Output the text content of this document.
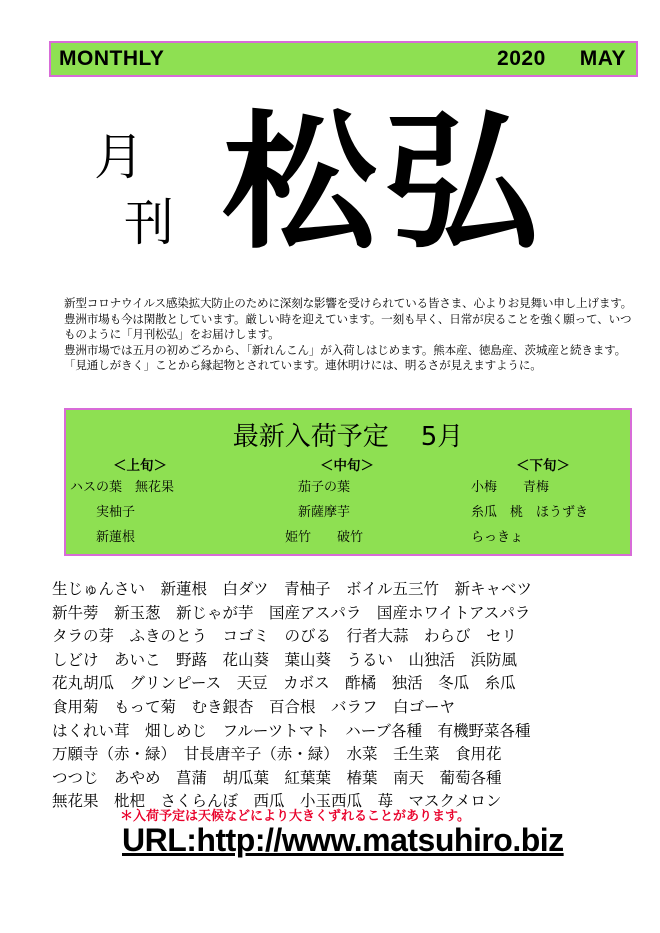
MONTHLY	2020 MAY
月
刊 松弘

新型コロナウイルス感染拡大防止のために深刻な影響を受けられている皆さま、心よりお見舞い申し上げます。豊洲市場も今は閑散としています。厳しい時を迎えています。一刻も早く、日常が戻ることを強く願って、いつものように「月刊松弘」をお届けします。

豊洲市場では五月の初めごろから、「新れんこん」が入荷しはじめます。熊本産、徳島産、茨城産と続きます。「見通しがきく」ことから縁起物とされています。連休明けには、明るさが見えますように。

最新入荷予定 5月
＜上旬＞
ハスの葉　無花果
　　実柚子
　　新蓮根
＜中旬＞
　　茄子の葉
　　新薩摩芋
　姫竹　　破竹
＜下旬＞
　小梅　　青梅
　糸瓜　桃　ほうずき
　らっきょ
生じゅんさい　新蓮根　白ダツ　青柚子　ボイル五三竹　新キャベツ
新牛蒡　新玉葱　新じゃが芋　国産アスパラ　国産ホワイトアスパラ
タラの芽　ふきのとう　コゴミ　のびる　行者大蒜　わらび　セリ
しどけ　あいこ　野蕗　花山葵　葉山葵　うるい　山独活　浜防風
花丸胡瓜　グリンピース　天豆　カボス　酢橘　独活　冬瓜　糸瓜
食用菊　もって菊　むき銀杏　百合根　バラフ　白ゴーヤ
はくれい茸　畑しめじ　フルーツトマト　ハーブ各種　有機野菜各種
万願寺（赤・緑）　甘長唐辛子（赤・緑）　水菜　壬生菜　食用花
つつじ　あやめ　菖蒲　胡瓜葉　紅葉葉　椿葉　南天　葡萄各種
無花果　枇杷　さくらんぼ　西瓜　小玉西瓜　苺　マスクメロン
＊入荷予定は天候などにより大きくずれることがあります。
URL:http://www.matsuhiro.biz
